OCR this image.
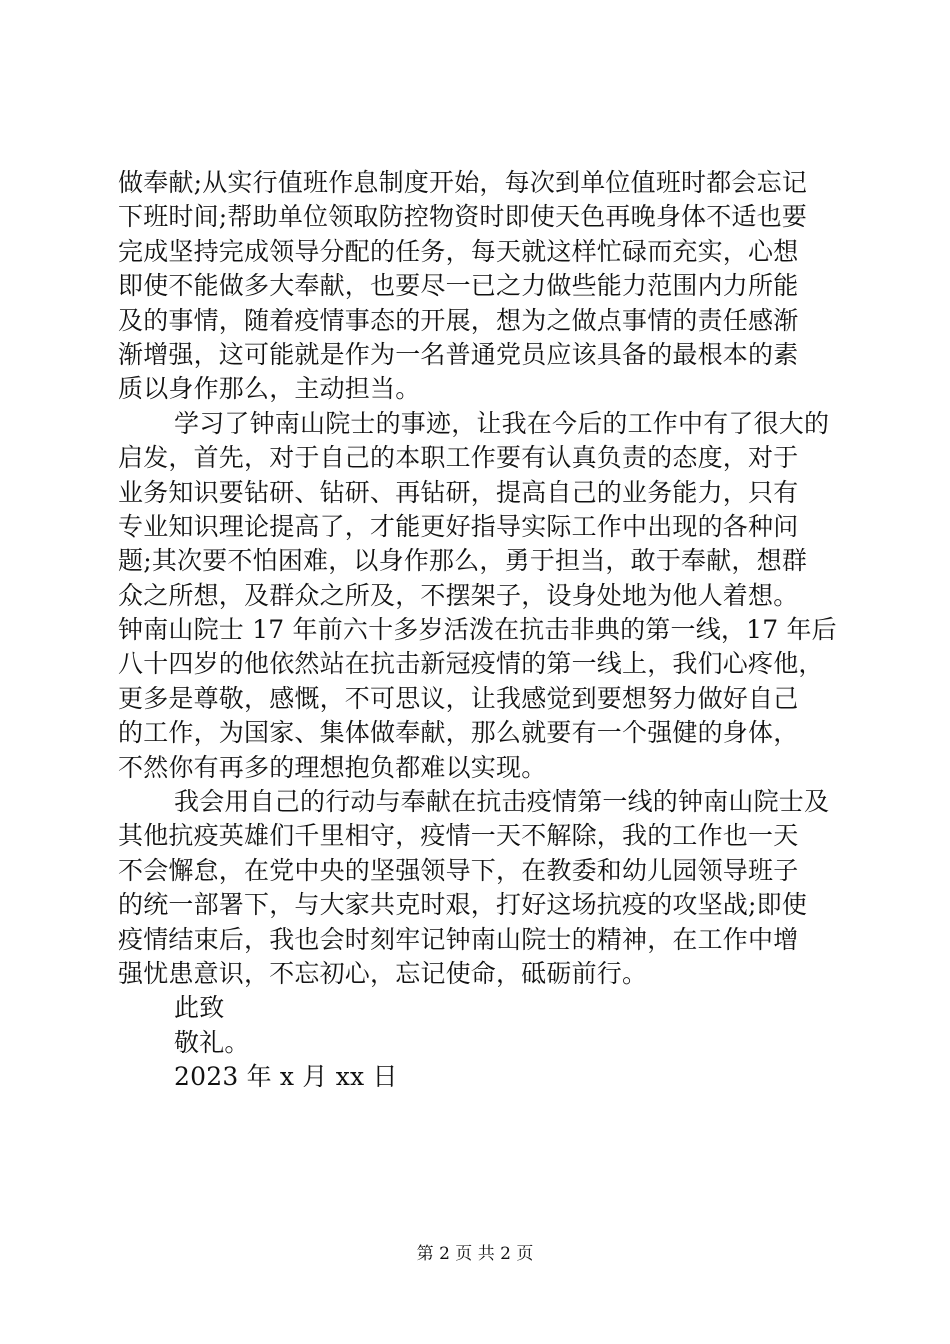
做奉献;从实行值班作息制度开始，每次到单位值班时都会忘记
下班时间;帮助单位领取防控物资时即使天色再晚身体不适也要
完成坚持完成领导分配的任务，每天就这样忙碌而充实，心想
即使不能做多大奉献，也要尽一已之力做些能力范围内力所能
及的事情，随着疫情事态的开展，想为之做点事情的责任感渐
渐增强，这可能就是作为一名普通党员应该具备的最根本的素
质以身作那么，主动担当。
学习了钟南山院士的事迹，让我在今后的工作中有了很大的
启发，首先，对于自己的本职工作要有认真负责的态度，对于
业务知识要钻研、钻研、再钻研，提高自己的业务能力，只有
专业知识理论提高了，才能更好指导实际工作中出现的各种问
题;其次要不怕困难，以身作那么，勇于担当，敢于奉献，想群
众之所想，及群众之所及，不摆架子，设身处地为他人着想。
钟南山院士 17 年前六十多岁活泼在抗击非典的第一线，17 年后
八十四岁的他依然站在抗击新冠疫情的第一线上，我们心疼他，
更多是尊敬，感慨，不可思议，让我感觉到要想努力做好自己
的工作，为国家、集体做奉献，那么就要有一个强健的身体，
不然你有再多的理想抱负都难以实现。
我会用自己的行动与奉献在抗击疫情第一线的钟南山院士及
其他抗疫英雄们千里相守，疫情一天不解除，我的工作也一天
不会懈怠，在党中央的坚强领导下，在教委和幼儿园领导班子
的统一部署下，与大家共克时艰，打好这场抗疫的攻坚战;即使
疫情结束后，我也会时刻牢记钟南山院士的精神，在工作中增
强忧患意识，不忘初心，忘记使命，砥砺前行。
此致
敬礼。
2023 年 x 月 xx 日
第 2 页 共 2 页
